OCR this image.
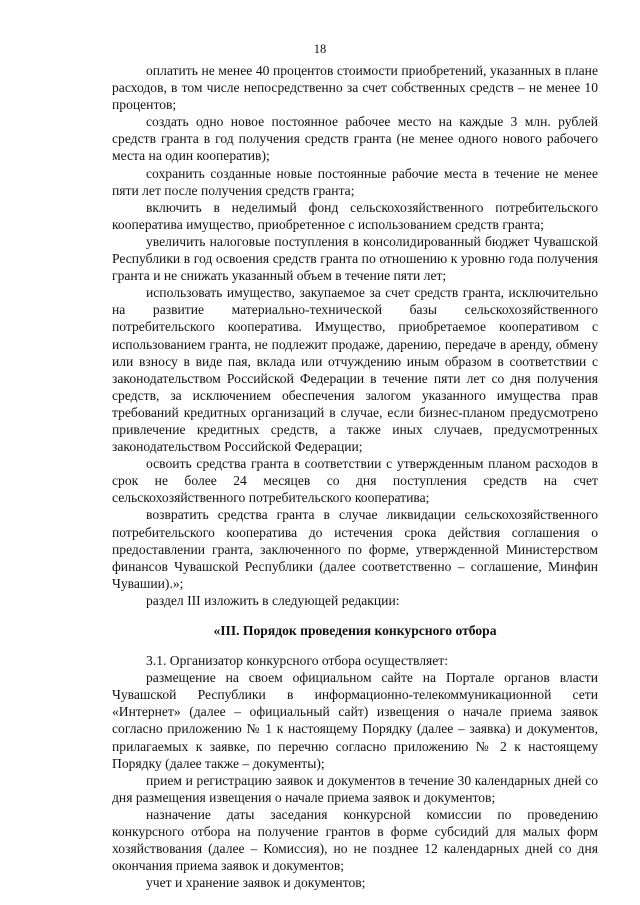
18

оплатить не менее 40 процентов стоимости приобретений, указанных в плане расходов, в том числе непосредственно за счет собственных средств – не менее 10 процентов;

создать одно новое постоянное рабочее место на каждые 3 млн. рублей средств гранта в год получения средств гранта (не менее одного нового рабочего места на один кооператив);

сохранить созданные новые постоянные рабочие места в течение не менее пяти лет после получения средств гранта;

включить в неделимый фонд сельскохозяйственного потребительского кооператива имущество, приобретенное с использованием средств гранта;

увеличить налоговые поступления в консолидированный бюджет Чувашской Республики в год освоения средств гранта по отношению к уровню года получения гранта и не снижать указанный объем в течение пяти лет;

использовать имущество, закупаемое за счет средств гранта, исключительно на развитие материально-технической базы сельскохозяйственного потребительского кооператива. Имущество, приобретаемое кооперативом с использованием гранта, не подлежит продаже, дарению, передаче в аренду, обмену или взносу в виде пая, вклада или отчуждению иным образом в соответствии с законодательством Российской Федерации в течение пяти лет со дня получения средств, за исключением обеспечения залогом указанного имущества прав требований кредитных организаций в случае, если бизнес-планом предусмотрено привлечение кредитных средств, а также иных случаев, предусмотренных законодательством Российской Федерации;

освоить средства гранта в соответствии с утвержденным планом расходов в срок не более 24 месяцев со дня поступления средств на счет сельскохозяйственного потребительского кооператива;

возвратить средства гранта в случае ликвидации сельскохозяйственного потребительского кооператива до истечения срока действия соглашения о предоставлении гранта, заключенного по форме, утвержденной Министерством финансов Чувашской Республики (далее соответственно – соглашение, Минфин Чувашии).»;

раздел III изложить в следующей редакции:

«III. Порядок проведения конкурсного отбора

3.1. Организатор конкурсного отбора осуществляет:

размещение на своем официальном сайте на Портале органов власти Чувашской Республики в информационно-телекоммуникационной сети «Интернет» (далее – официальный сайт) извещения о начале приема заявок согласно приложению № 1 к настоящему Порядку (далее – заявка) и документов, прилагаемых к заявке, по перечню согласно приложению № 2 к настоящему Порядку (далее также – документы);

прием и регистрацию заявок и документов в течение 30 календарных дней со дня размещения извещения о начале приема заявок и документов;

назначение даты заседания конкурсной комиссии по проведению конкурсного отбора на получение грантов в форме субсидий для малых форм хозяйствования (далее – Комиссия), но не позднее 12 календарных дней со дня окончания приема заявок и документов;

учет и хранение заявок и документов;
